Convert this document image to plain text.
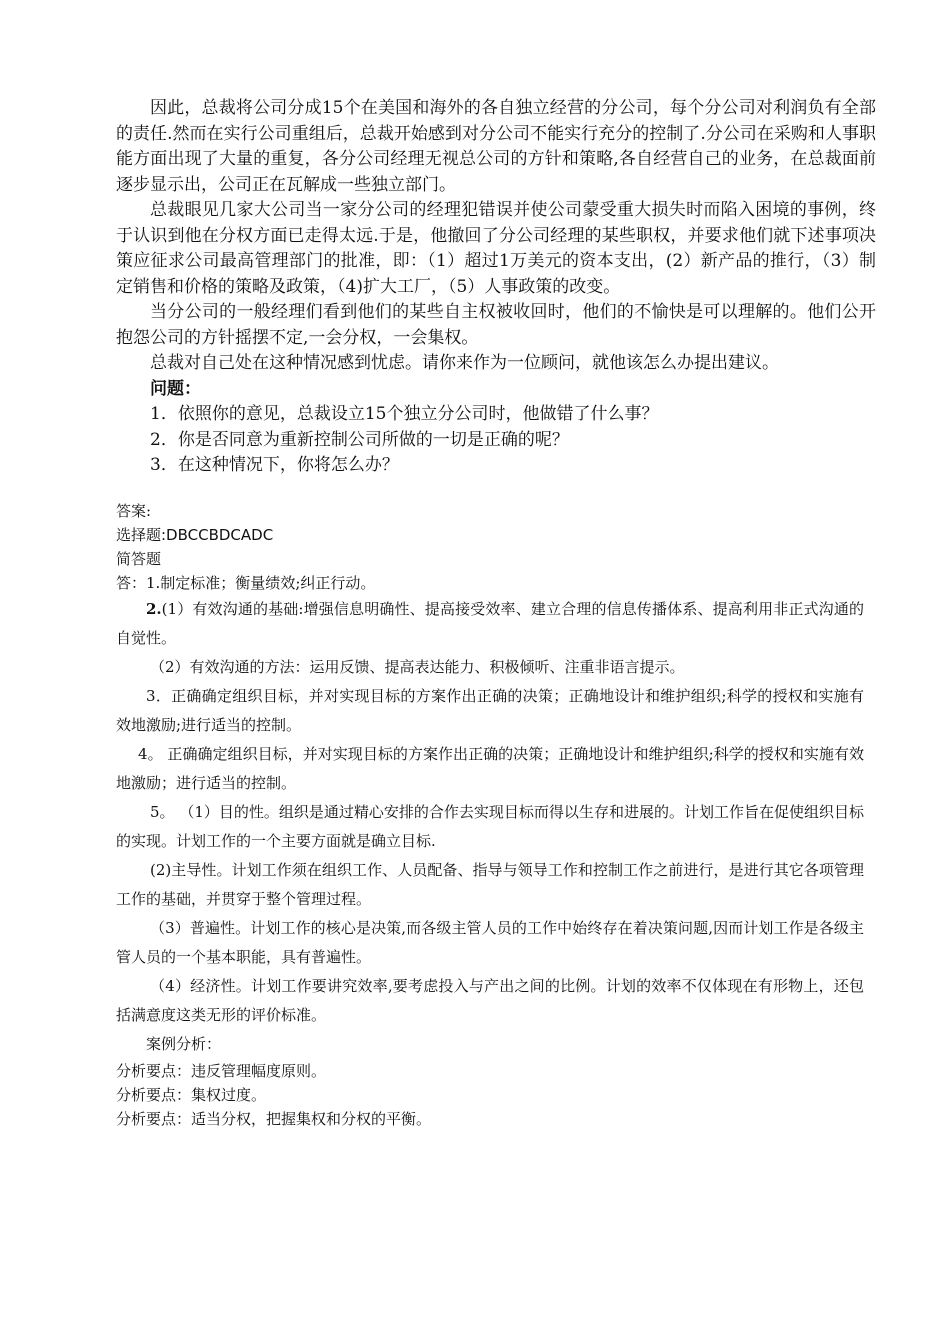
因此，总裁将公司分成15个在美国和海外的各自独立经营的分公司，每个分公司对利润负有全部的责任.然而在实行公司重组后，总裁开始感到对分公司不能实行充分的控制了.分公司在采购和人事职能方面出现了大量的重复，各分公司经理无视总公司的方针和策略,各自经营自己的业务，在总裁面前逐步显示出，公司正在瓦解成一些独立部门。

总裁眼见几家大公司当一家分公司的经理犯错误并使公司蒙受重大损失时而陷入困境的事例，终于认识到他在分权方面已走得太远.于是，他撤回了分公司经理的某些职权，并要求他们就下述事项决策应征求公司最高管理部门的批准，即：（1）超过1万美元的资本支出，(2）新产品的推行，（3）制定销售和价格的策略及政策，（4)扩大工厂，（5）人事政策的改变。

当分公司的一般经理们看到他们的某些自主权被收回时，他们的不愉快是可以理解的。他们公开抱怨公司的方针摇摆不定,一会分权，一会集权。

总裁对自己处在这种情况感到忧虑。请你来作为一位顾问，就他该怎么办提出建议。

问题：

1．依照你的意见，总裁设立15个独立分公司时，他做错了什么事？

2．你是否同意为重新控制公司所做的一切是正确的呢？

3．在这种情况下，你将怎么办？

答案:

选择题:DBCCBDCADC

简答题

答：1.制定标准；衡量绩效;纠正行动。

2.(1）有效沟通的基础:增强信息明确性、提高接受效率、建立合理的信息传播体系、提高利用非正式沟通的自觉性。

（2）有效沟通的方法：运用反馈、提高表达能力、积极倾听、注重非语言提示。

3．正确确定组织目标，并对实现目标的方案作出正确的决策；正确地设计和维护组织;科学的授权和实施有效地激励;进行适当的控制。

4。 正确确定组织目标，并对实现目标的方案作出正确的决策；正确地设计和维护组织;科学的授权和实施有效地激励；进行适当的控制。

5。 （1）目的性。组织是通过精心安排的合作去实现目标而得以生存和进展的。计划工作旨在促使组织目标的实现。计划工作的一个主要方面就是确立目标.

(2)主导性。计划工作须在组织工作、人员配备、指导与领导工作和控制工作之前进行，是进行其它各项管理工作的基础，并贯穿于整个管理过程。

（3）普遍性。计划工作的核心是决策,而各级主管人员的工作中始终存在着决策问题,因而计划工作是各级主管人员的一个基本职能，具有普遍性。

（4）经济性。计划工作要讲究效率,要考虑投入与产出之间的比例。计划的效率不仅体现在有形物上，还包括满意度这类无形的评价标准。

案例分析：

分析要点：违反管理幅度原则。

分析要点：集权过度。

分析要点：适当分权，把握集权和分权的平衡。
